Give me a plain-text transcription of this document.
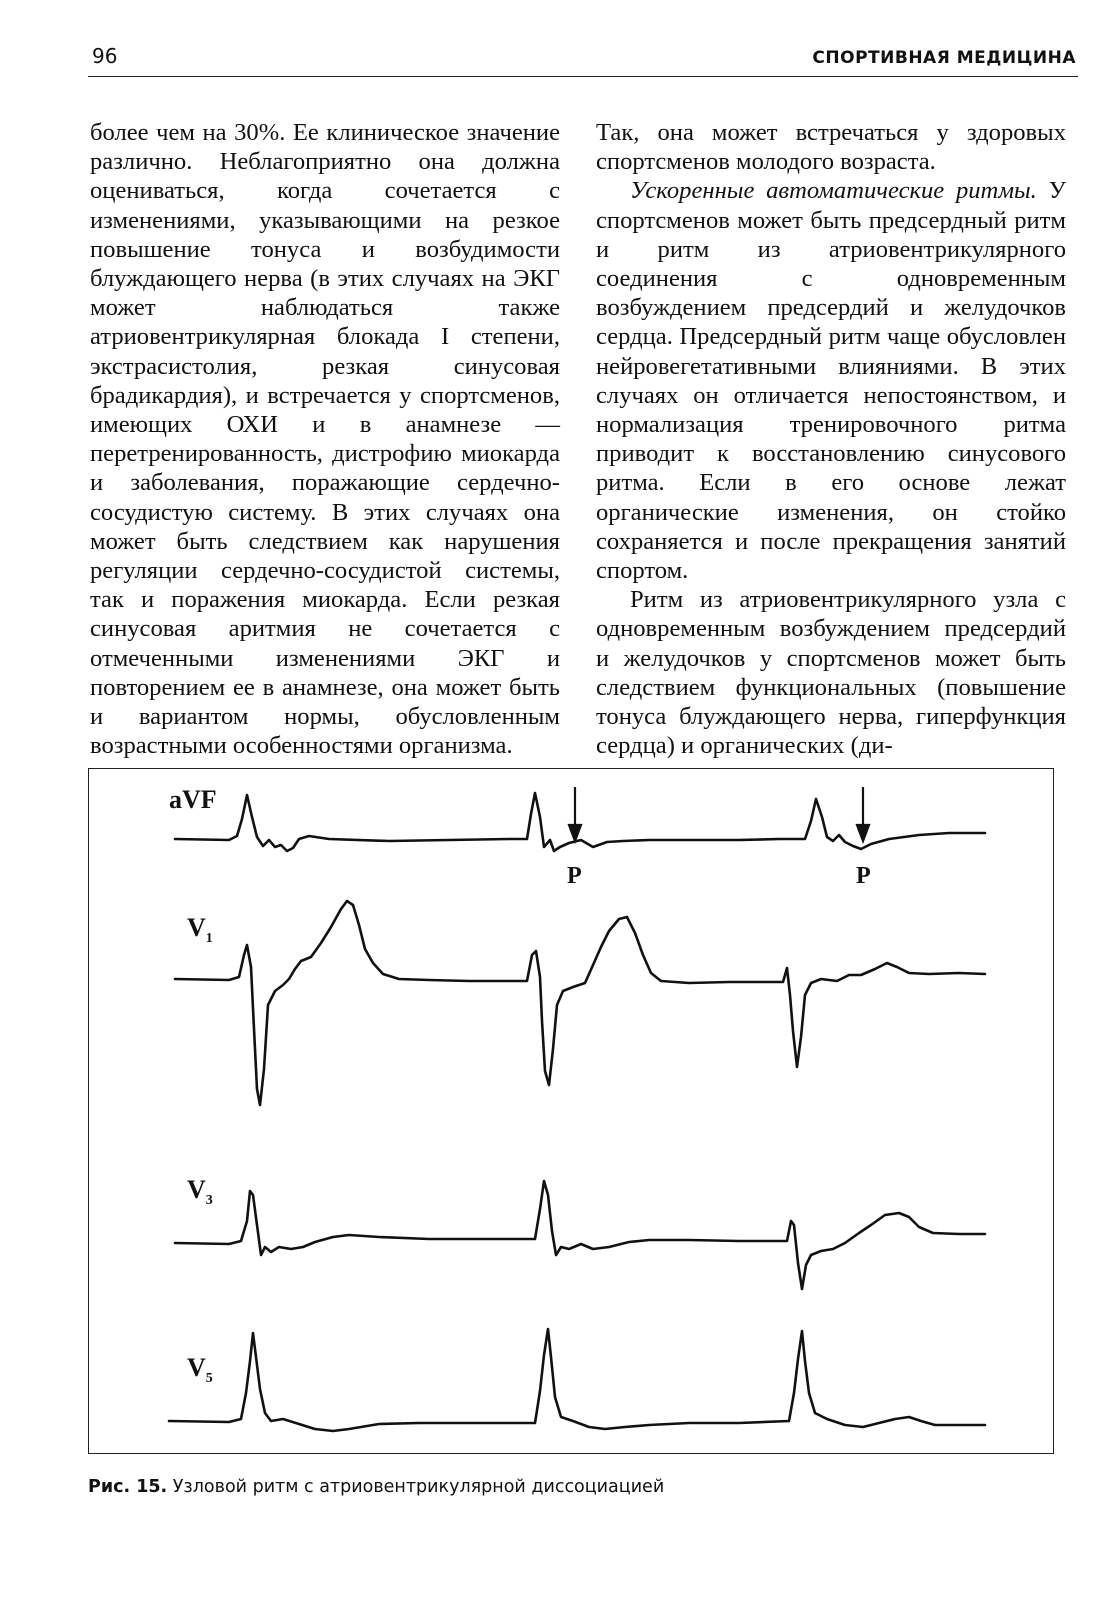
96	СПОРТИВНАЯ МЕДИЦИНА

более чем на 30%. Ее клиническое значение различно. Неблагоприятно она должна оцениваться, когда сочетается с изменениями, указывающими на резкое повышение тонуса и возбудимости блуждающего нерва (в этих случаях на ЭКГ может наблюдаться также атриовентрикулярная блокада I степени, экстрасистолия, резкая синусовая брадикардия), и встречается у спортсменов, имеющих ОХИ и в анамнезе — перетренированность, дистрофию миокарда и заболевания, поражающие сердечно-сосудистую систему. В этих случаях она может быть следствием как нарушения регуляции сердечно-сосудистой системы, так и поражения миокарда. Если резкая синусовая аритмия не сочетается с отмеченными изменениями ЭКГ и повторением ее в анамнезе, она может быть и вариантом нормы, обусловленным возрастными особенностями организма.

Так, она может встречаться у здоровых спортсменов молодого возраста.

Ускоренные автоматические ритмы. У спортсменов может быть предсердный ритм и ритм из атриовентрикулярного соединения с одновременным возбуждением предсердий и желудочков сердца. Предсердный ритм чаще обусловлен нейровегетативными влияниями. В этих случаях он отличается непостоянством, и нормализация тренировочного ритма приводит к восстановлению синусового ритма. Если в его основе лежат органические изменения, он стойко сохраняется и после прекращения занятий спортом.

Ритм из атриовентрикулярного узла с одновременным возбуждением предсердий и желудочков у спортсменов может быть следствием функциональных (повышение тонуса блуждающего нерва, гиперфункция сердца) и органических (ди-

aVF
$V_1$
$V_3$
$V_5$
P	P
Рис. 15. Узловой ритм с атриовентрикулярной диссоциацией
